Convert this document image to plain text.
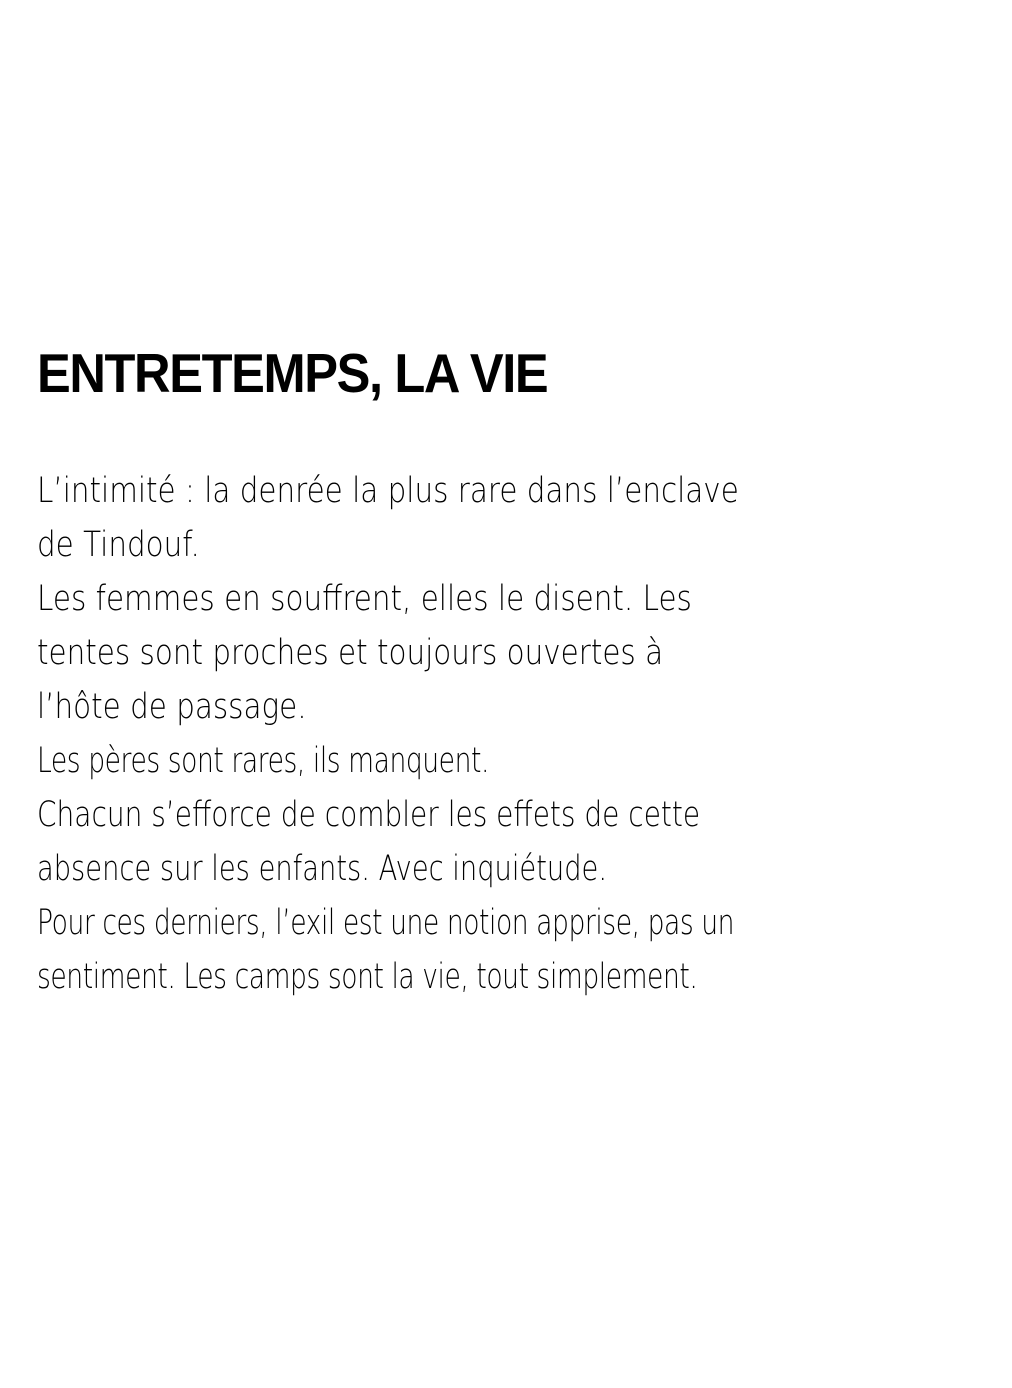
ENTRETEMPS, LA VIE
L’intimité : la denrée la plus rare dans l’enclave
de Tindouf.
Les femmes en souffrent, elles le disent. Les
tentes sont proches et toujours ouvertes à
l’hôte de passage.
Les pères sont rares, ils manquent.
Chacun s’efforce de combler les effets de cette
absence sur les enfants. Avec inquiétude.
Pour ces derniers, l’exil est une notion apprise, pas un
sentiment. Les camps sont la vie, tout simplement.
